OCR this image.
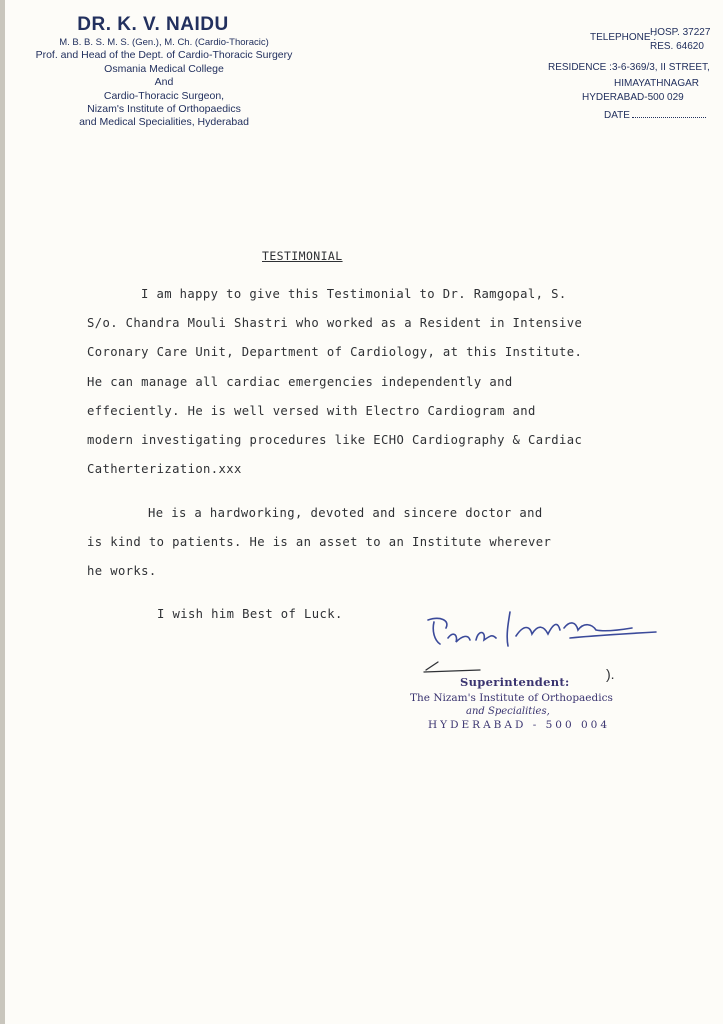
DR. K. V. NAIDU
M. B. B. S. M. S. (Gen.), M. Ch. (Cardio-Thoracic)
Prof. and Head of the Dept. of Cardio-Thoracic Surgery
Osmania Medical College
And
Cardio-Thoracic Surgeon,
Nizam's Institute of Orthopaedics
and Medical Specialities, Hyderabad
TELEPHONE :
HOSP. 37227
RES. 64620
RESIDENCE : 3-6-369/3, II STREET,
HIMAYATHNAGAR
HYDERABAD-500 029
DATE
TESTIMONIAL
I am happy to give this Testimonial to Dr. Ramgopal, S.
S/o. Chandra Mouli Shastri who worked as a Resident in Intensive
Coronary Care Unit, Department of Cardiology, at this Institute.
He can manage all cardiac emergencies independently and
effeciently. He is well versed with Electro Cardiogram and
modern investigating procedures like ECHO Cardiography & Cardiac
Catherterization.xxx
He is a hardworking, devoted and sincere doctor and
is kind to patients. He is an asset to an Institute wherever
he works.
I wish him Best of Luck.
).
Superintendent:
The Nizam's Institute of Orthopaedics
and Specialities,
HYDERABAD - 500 004
